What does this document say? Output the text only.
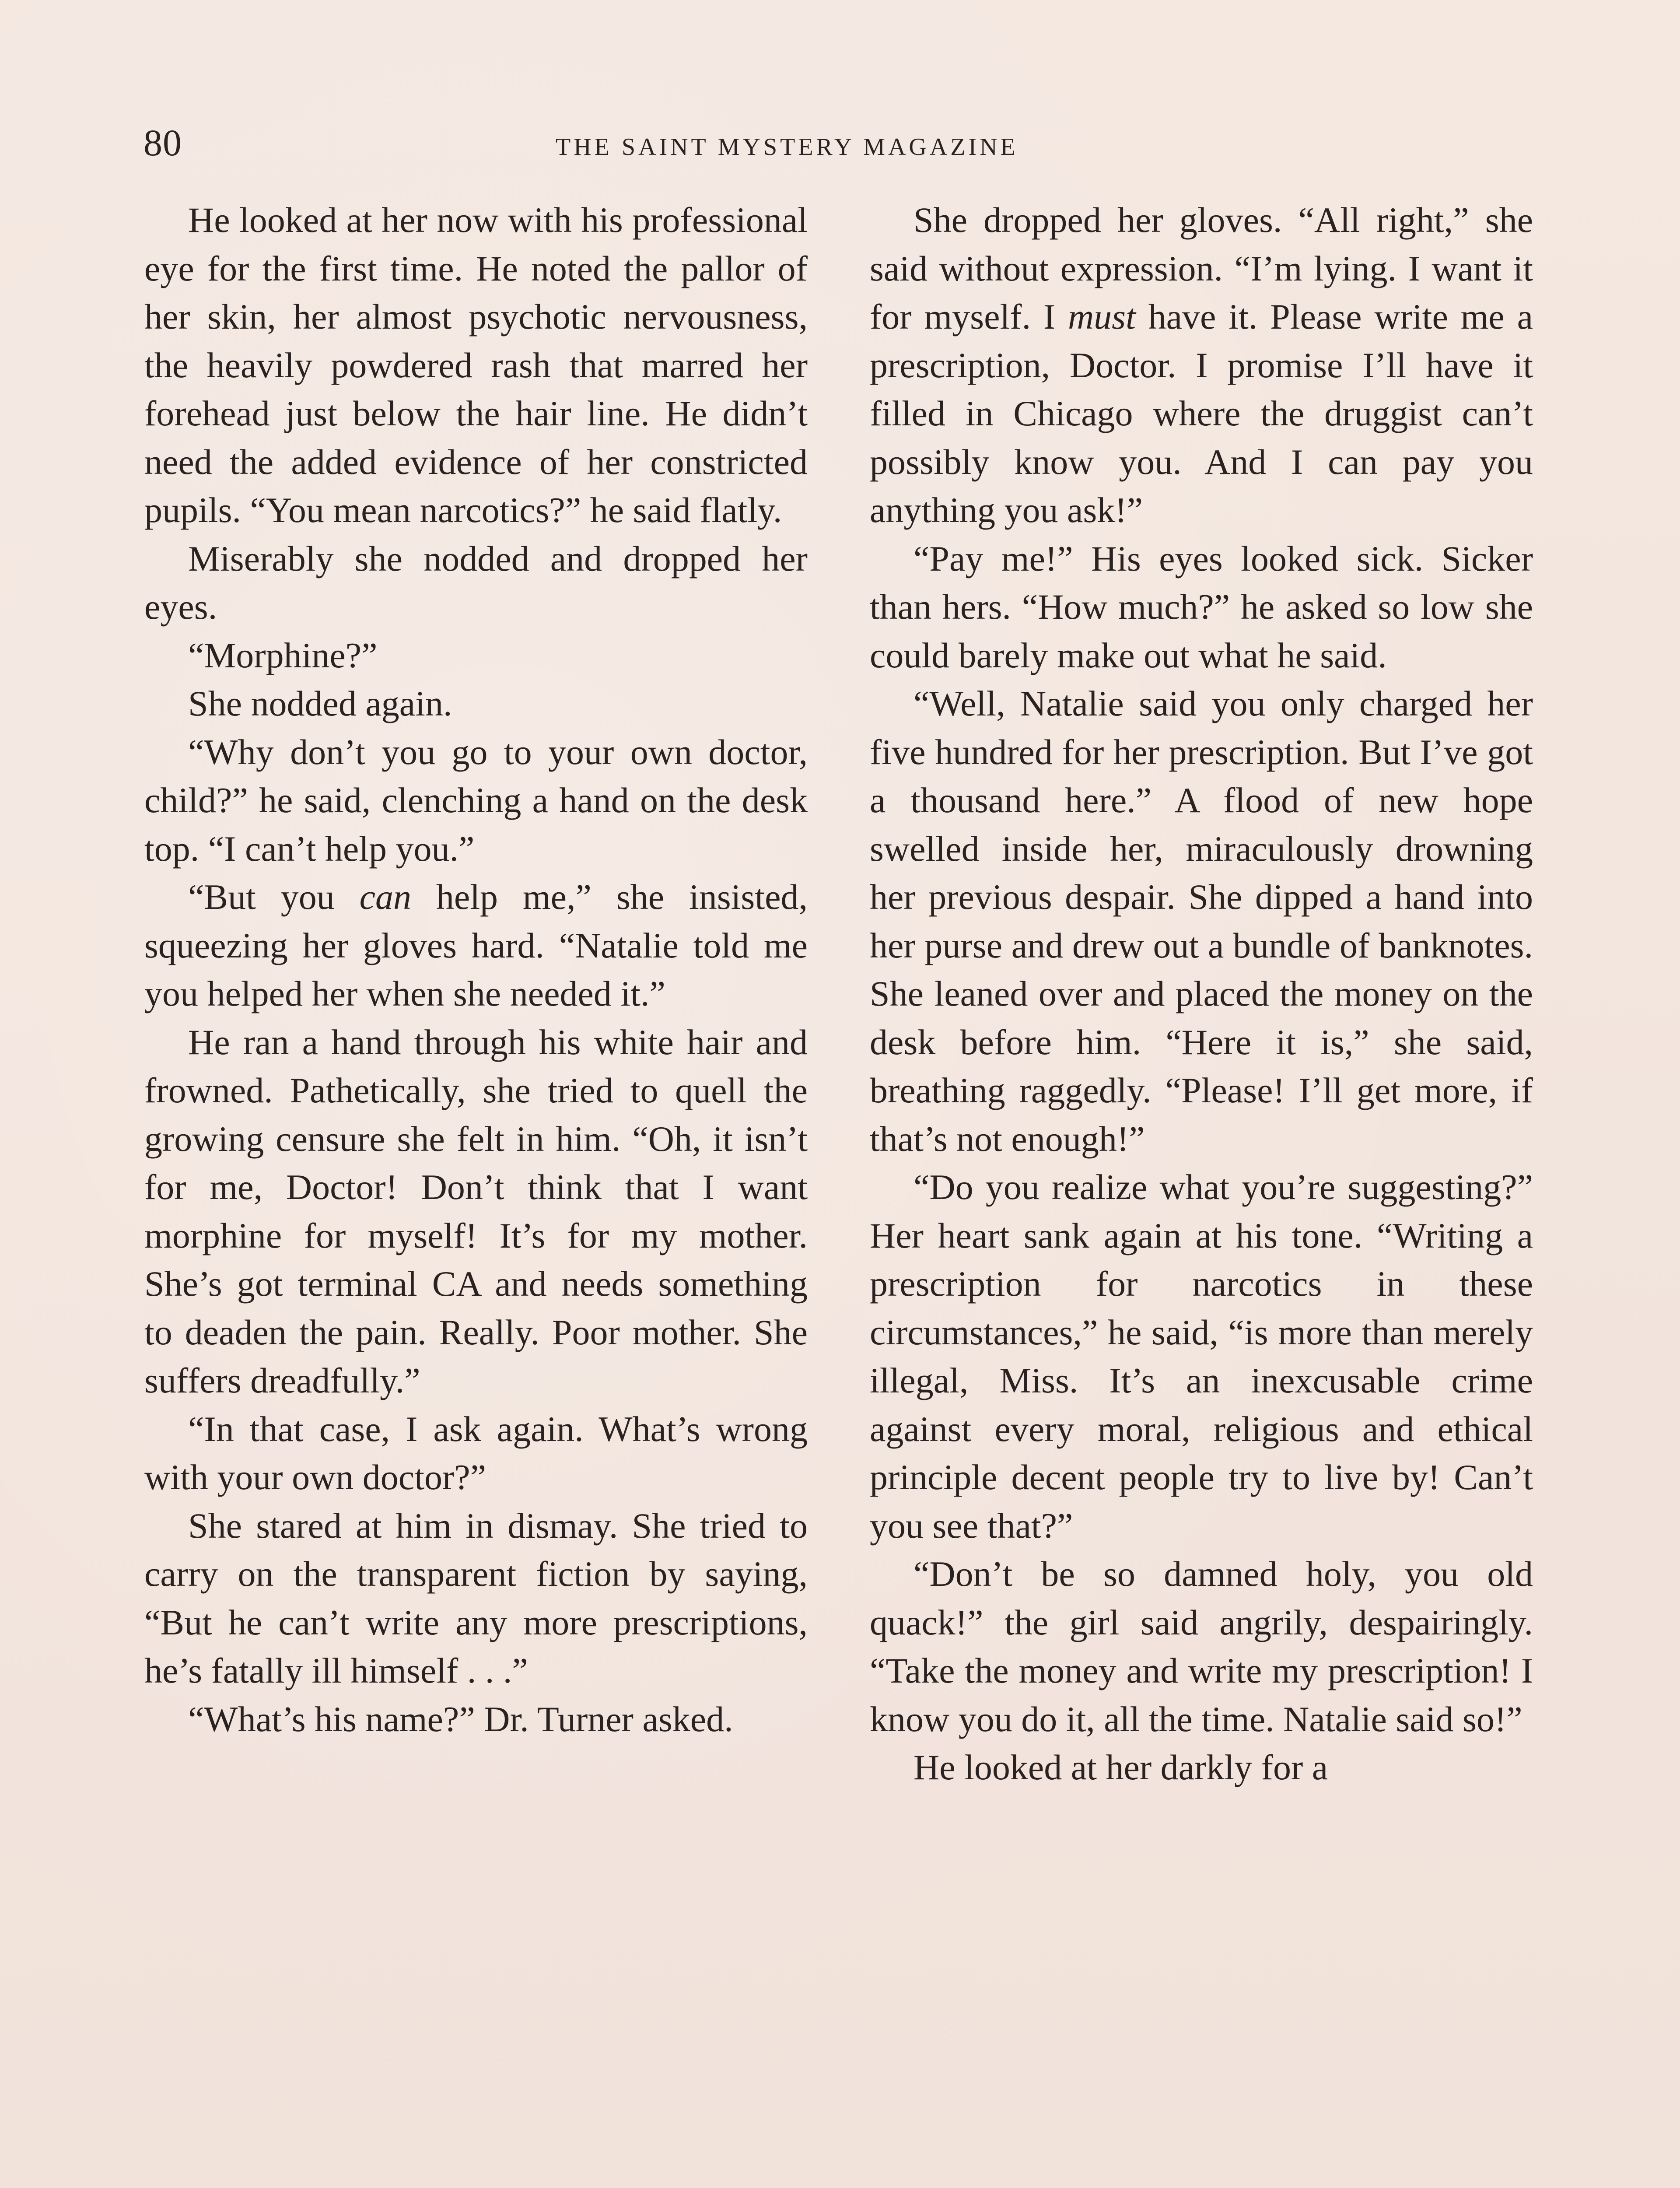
80	THE SAINT MYSTERY MAGAZINE

He looked at her now with his professional eye for the first time. He noted the pallor of her skin, her almost psychotic nervousness, the heavily powdered rash that marred her forehead just below the hair line. He didn’t need the added evidence of her constricted pupils. “You mean narcotics?” he said flatly.

Miserably she nodded and dropped her eyes.

“Morphine?”

She nodded again.

“Why don’t you go to your own doctor, child?” he said, clenching a hand on the desk top. “I can’t help you.”

“But you can help me,” she insisted, squeezing her gloves hard. “Natalie told me you helped her when she needed it.”

He ran a hand through his white hair and frowned. Pathetically, she tried to quell the growing censure she felt in him. “Oh, it isn’t for me, Doctor! Don’t think that I want morphine for myself! It’s for my mother. She’s got terminal CA and needs something to deaden the pain. Really. Poor mother. She suffers dreadfully.”

“In that case, I ask again. What’s wrong with your own doctor?”

She stared at him in dismay. She tried to carry on the transparent fiction by saying, “But he can’t write any more prescriptions, he’s fatally ill himself . . .”

“What’s his name?” Dr. Turner asked.

She dropped her gloves. “All right,” she said without expression. “I’m lying. I want it for myself. I must have it. Please write me a prescription, Doctor. I promise I’ll have it filled in Chicago where the druggist can’t possibly know you. And I can pay you anything you ask!”

“Pay me!” His eyes looked sick. Sicker than hers. “How much?” he asked so low she could barely make out what he said.

“Well, Natalie said you only charged her five hundred for her prescription. But I’ve got a thousand here.” A flood of new hope swelled inside her, miraculously drowning her previous despair. She dipped a hand into her purse and drew out a bundle of banknotes. She leaned over and placed the money on the desk before him. “Here it is,” she said, breathing raggedly. “Please! I’ll get more, if that’s not enough!”

“Do you realize what you’re suggesting?” Her heart sank again at his tone. “Writing a prescription for narcotics in these circumstances,” he said, “is more than merely illegal, Miss. It’s an inexcusable crime against every moral, religious and ethical principle decent people try to live by! Can’t you see that?”

“Don’t be so damned holy, you old quack!” the girl said angrily, despairingly. “Take the money and write my prescription! I know you do it, all the time. Natalie said so!”

He looked at her darkly for a
